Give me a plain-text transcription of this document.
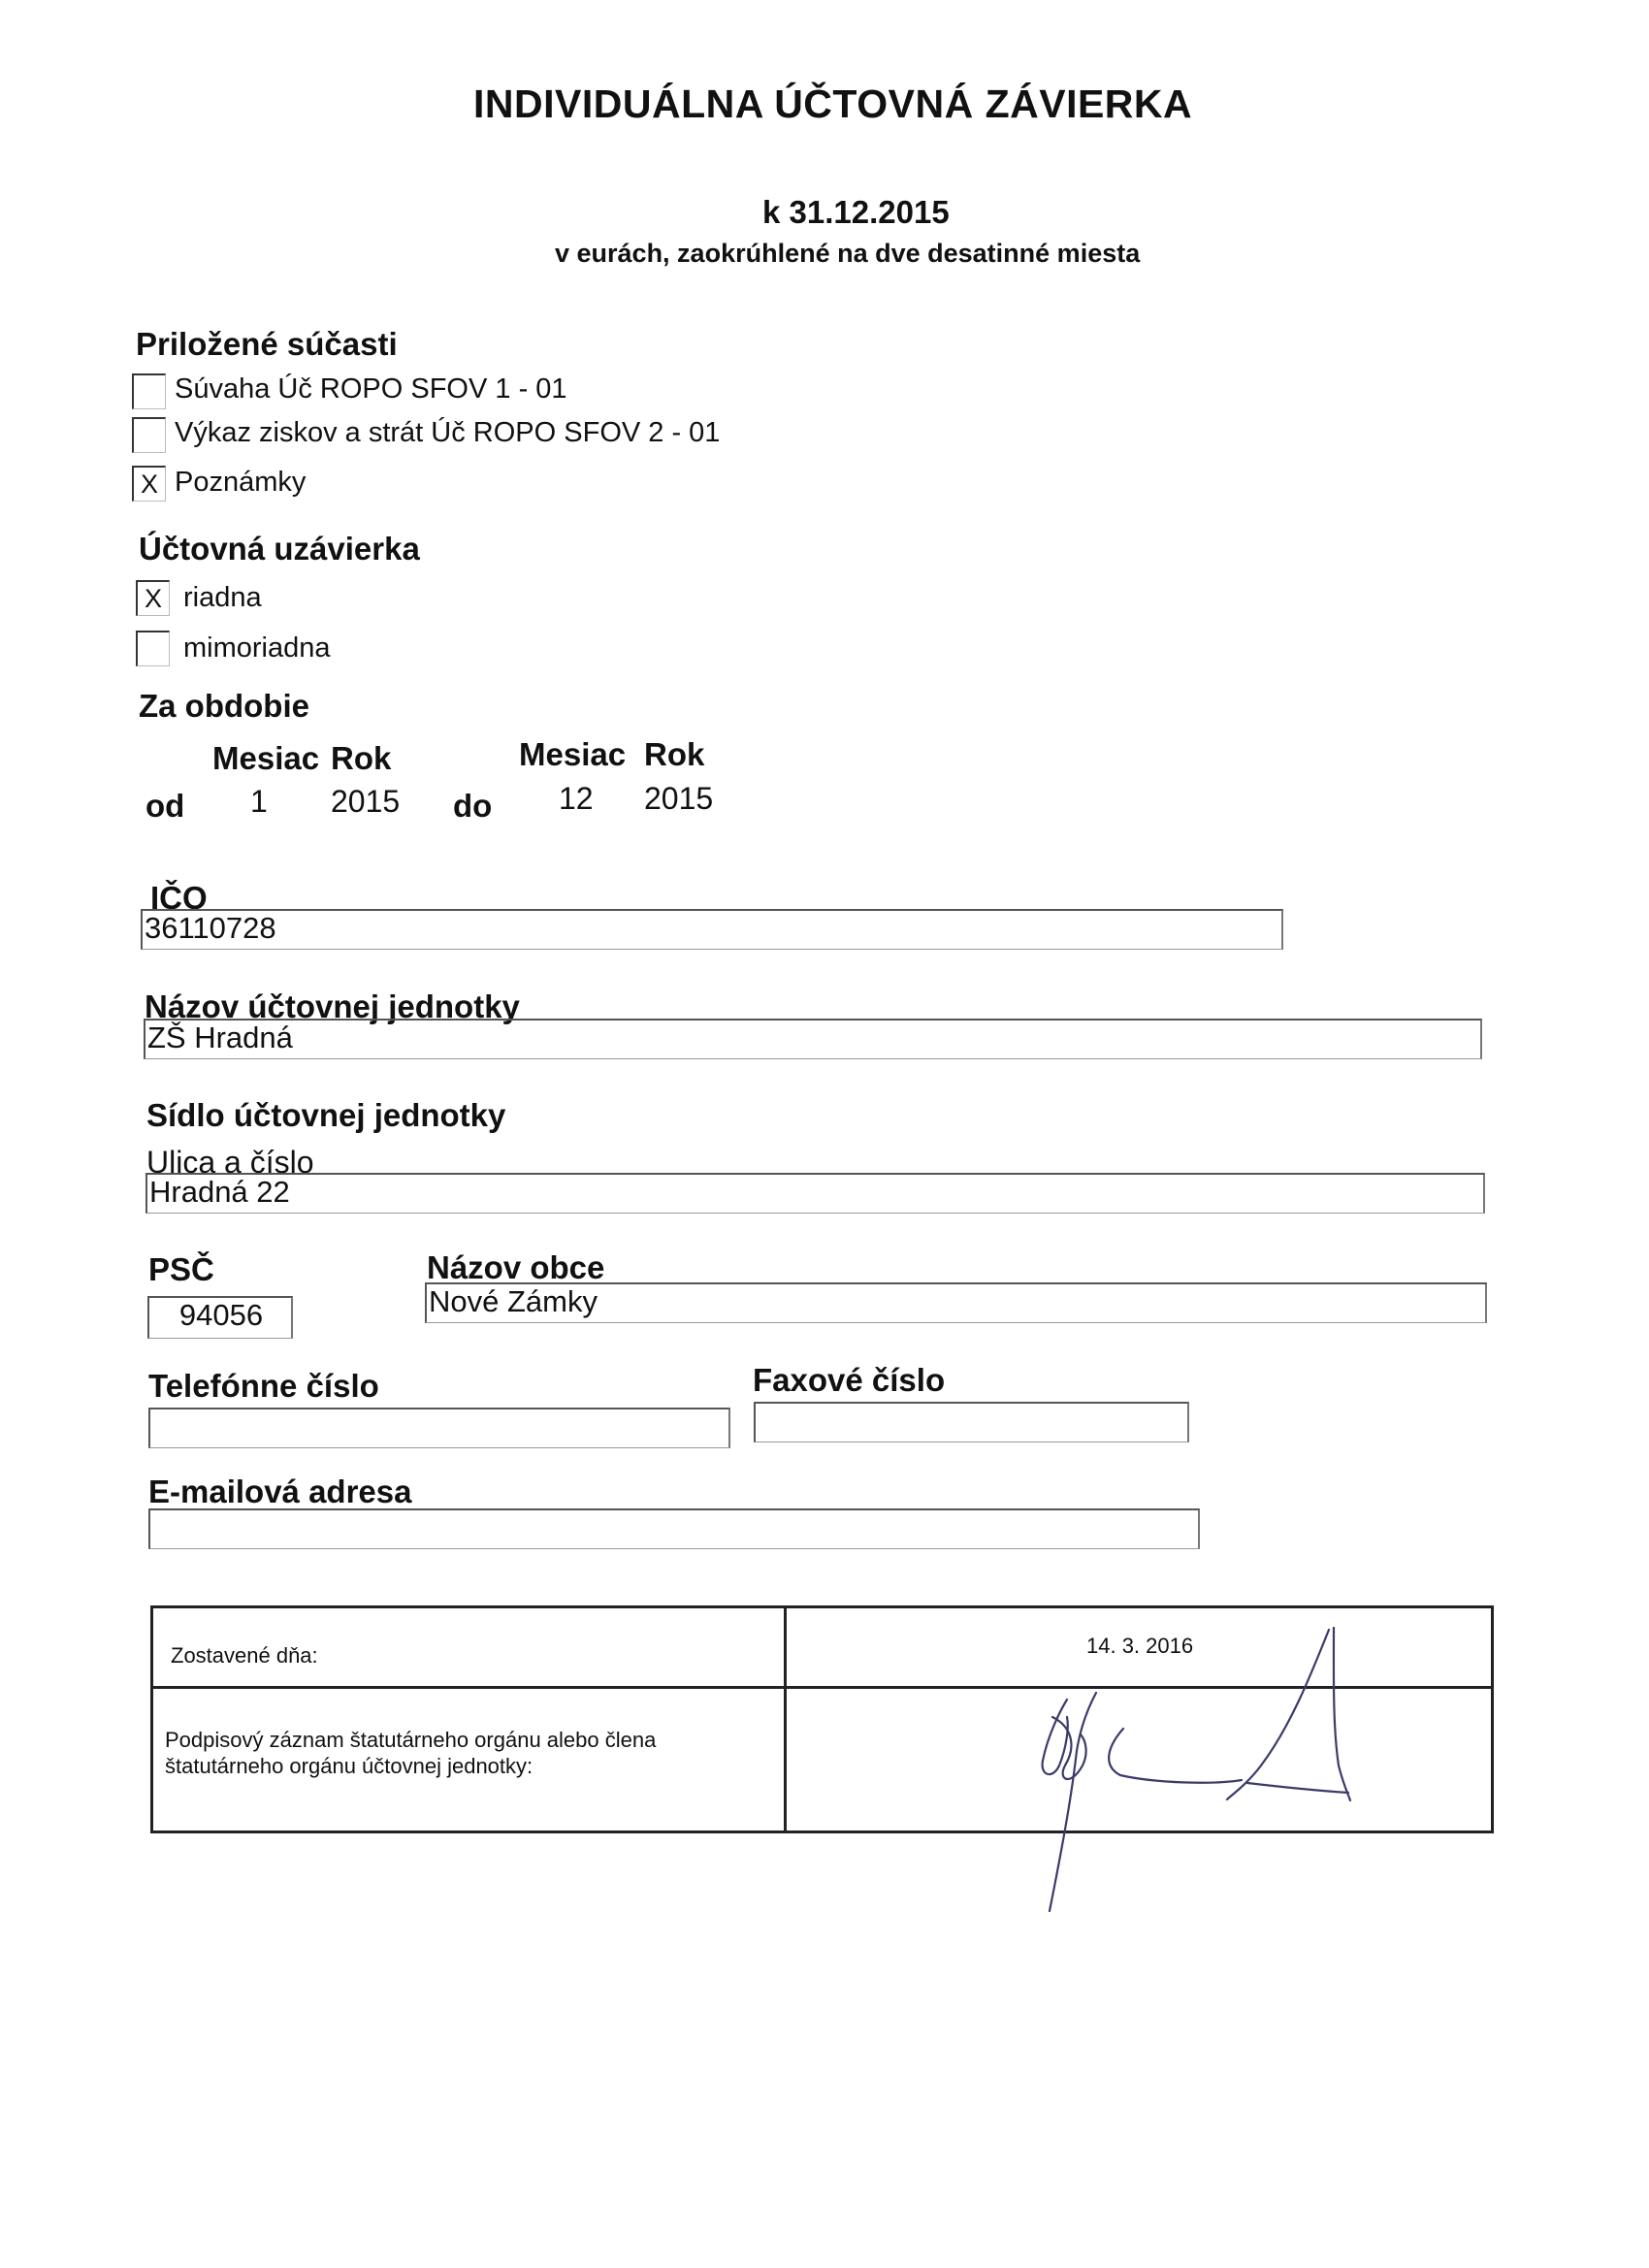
INDIVIDUÁLNA ÚČTOVNÁ ZÁVIERKA
k 31.12.2015
v eurách, zaokrúhlené na dve desatinné miesta
Priložené súčasti
Súvaha Úč ROPO SFOV 1 - 01
Výkaz ziskov a strát Úč ROPO SFOV 2 - 01
X Poznámky
Účtovná uzávierka
X riadna
mimoriadna
Za obdobie
Mesiac Rok	Mesiac Rok
od 1 2015 do 12 2015
IČO
36110728
Názov účtovnej jednotky
ZŠ Hradná
Sídlo účtovnej jednotky
Ulica a číslo
Hradná 22
PSČ
94056
Názov obce
Nové Zámky
Telefónne číslo	Faxové číslo
E-mailová adresa
Zostavené dňa:	14. 3. 2016
Podpisový záznam štatutárneho orgánu alebo člena
štatutárneho orgánu účtovnej jednotky:
